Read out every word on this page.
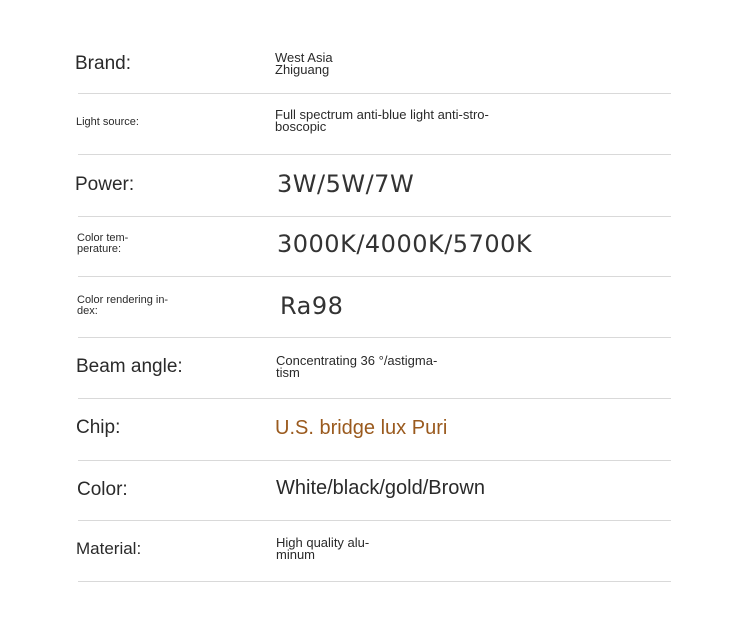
Brand:	West Asia
Zhiguang
Light source:	Full spectrum anti-blue light anti-stro-
boscopic
Power:	3W/5W/7W
Color tem-
perature:	3000K/4000K/5700K
Color rendering in-
dex:	Ra98
Beam angle:	Concentrating 36 °/astigma-
tism
Chip:	U.S. bridge lux Puri
Color:	White/black/gold/Brown
Material:	High quality alu-
minum
